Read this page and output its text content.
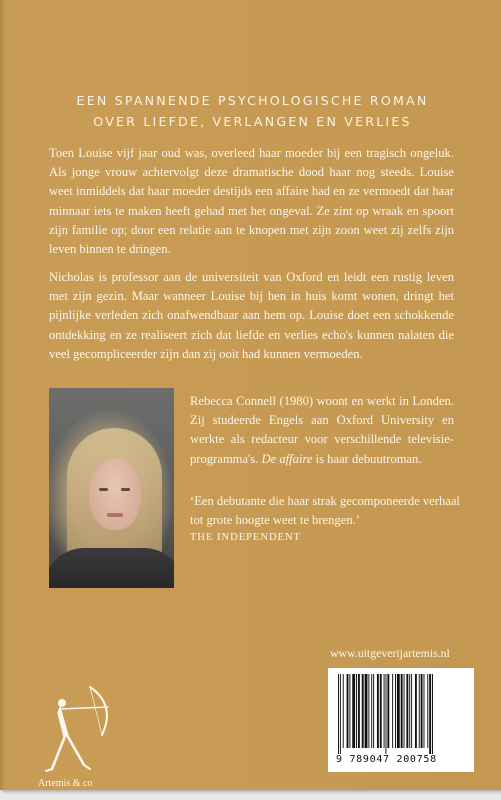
EEN SPANNENDE PSYCHOLOGISCHE ROMAN
OVER LIEFDE, VERLANGEN EN VERLIES
Toen Louise vijf jaar oud was, overleed haar moeder bij een tragisch ongeluk. Als jonge vrouw achtervolgt deze dramatische dood haar nog steeds. Louise weet inmiddels dat haar moeder destijds een affaire had en ze vermoedt dat haar minnaar iets te maken heeft gehad met het ongeval. Ze zint op wraak en spoort zijn familie op; door een relatie aan te knopen met zijn zoon weet zij zelfs zijn leven binnen te dringen.
Nicholas is professor aan de universiteit van Oxford en leidt een rustig leven met zijn gezin. Maar wanneer Louise bij hen in huis komt wonen, dringt het pijnlijke verleden zich onafwendbaar aan hem op. Louise doet een schokkende ontdekking en ze realiseert zich dat liefde en verlies echo's kunnen nalaten die veel gecompliceerder zijn dan zij ooit had kunnen vermoeden.
Rebecca Connell (1980) woont en werkt in Londen. Zij studeerde Engels aan Oxford University en werkte als redacteur voor verschillende televisie-programma's. De affaire is haar debuutroman.
‘Een debutante die haar strak gecomponeerde verhaal tot grote hoogte weet te brengen.’
THE INDEPENDENT
www.uitgeverijartemis.nl
Artemis & co
9 789047 200758
